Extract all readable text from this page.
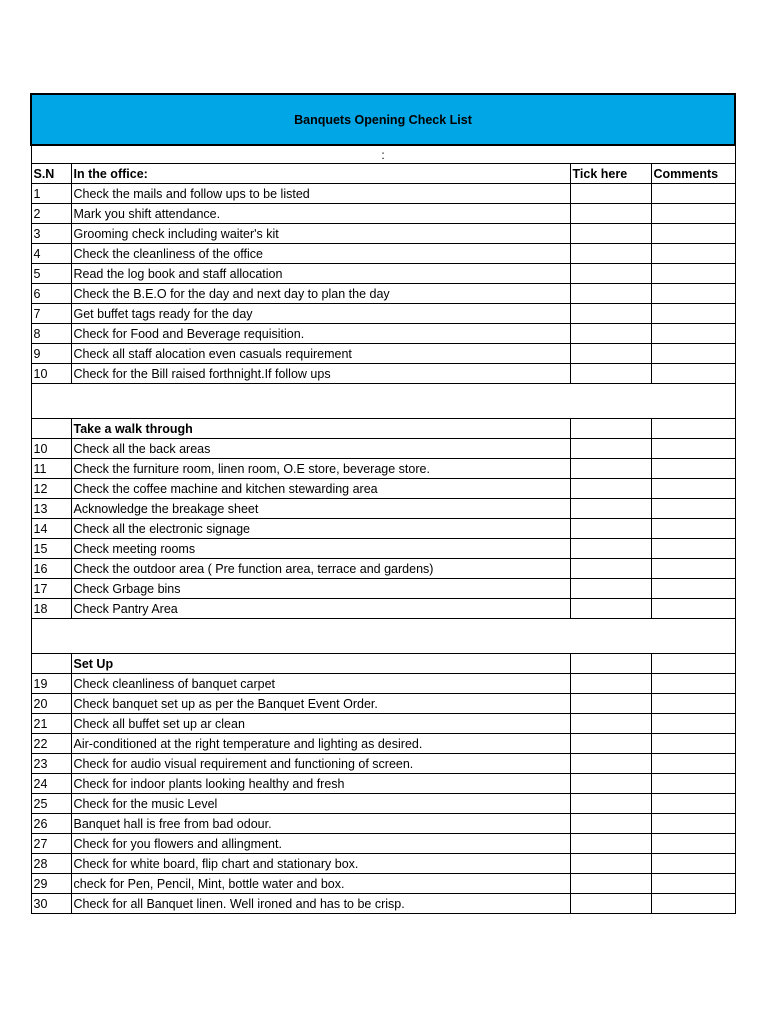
Banquets Opening Check List			
:			
S.N	In the office:	Tick here	Comments
1	Check the mails and follow ups to be listed		
2	Mark you shift attendance.		
3	Grooming check including waiter's kit		
4	Check the cleanliness of the office		
5	Read the log book and staff allocation		
6	Check the B.E.O for the day and next day to plan the day		
7	Get buffet tags ready for the day		
8	Check for Food and Beverage requisition.		
9	Check all staff alocation even casuals requirement		
10	Check for the Bill raised forthnight.If follow ups		

	Take a walk through		
10	Check all the back areas		
11	Check the furniture room, linen room, O.E store, beverage store.		
12	Check the coffee machine and kitchen stewarding area		
13	Acknowledge the breakage sheet		
14	Check all the electronic signage		
15	Check meeting rooms		
16	Check the outdoor area ( Pre function area, terrace and gardens)		
17	Check Grbage bins		
18	Check Pantry Area		

	Set Up		
19	Check cleanliness of banquet carpet		
20	Check banquet set up as per the Banquet Event Order.		
21	Check all buffet set up ar clean		
22	Air-conditioned at the right temperature and lighting as desired.		
23	Check for audio visual requirement and functioning of screen.		
24	Check for indoor plants looking healthy and fresh		
25	Check for the music Level		
26	Banquet hall is free from bad odour.		
27	Check for you flowers and allingment.		
28	Check for white board, flip chart and stationary box.		
29	check for Pen, Pencil, Mint, bottle water and box.		
30	Check for all Banquet linen. Well ironed and has to be crisp.		
